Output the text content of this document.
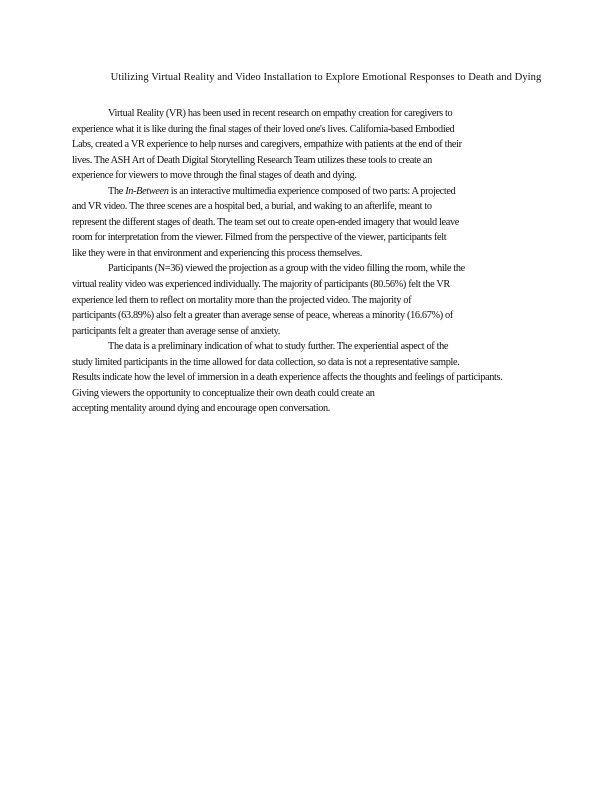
Utilizing Virtual Reality and Video Installation to Explore Emotional Responses to Death and Dying
Virtual Reality (VR) has been used in recent research on empathy creation for caregivers to
experience what it is like during the final stages of their loved one's lives. California-based Embodied
Labs, created a VR experience to help nurses and caregivers, empathize with patients at the end of their
lives. The ASH Art of Death Digital Storytelling Research Team utilizes these tools to create an
experience for viewers to move through the final stages of death and dying.
The In-Between is an interactive multimedia experience composed of two parts: A projected
and VR video. The three scenes are a hospital bed, a burial, and waking to an afterlife, meant to
represent the different stages of death. The team set out to create open-ended imagery that would leave
room for interpretation from the viewer. Filmed from the perspective of the viewer, participants felt
like they were in that environment and experiencing this process themselves.
Participants (N=36) viewed the projection as a group with the video filling the room, while the
virtual reality video was experienced individually. The majority of participants (80.56%) felt the VR
experience led them to reflect on mortality more than the projected video. The majority of
participants (63.89%) also felt a greater than average sense of peace, whereas a minority (16.67%) of
participants felt a greater than average sense of anxiety.
The data is a preliminary indication of what to study further. The experiential aspect of the
study limited participants in the time allowed for data collection, so data is not a representative sample.
Results indicate how the level of immersion in a death experience affects the thoughts and feelings of participants.
Giving viewers the opportunity to conceptualize their own death could create an
accepting mentality around dying and encourage open conversation.
